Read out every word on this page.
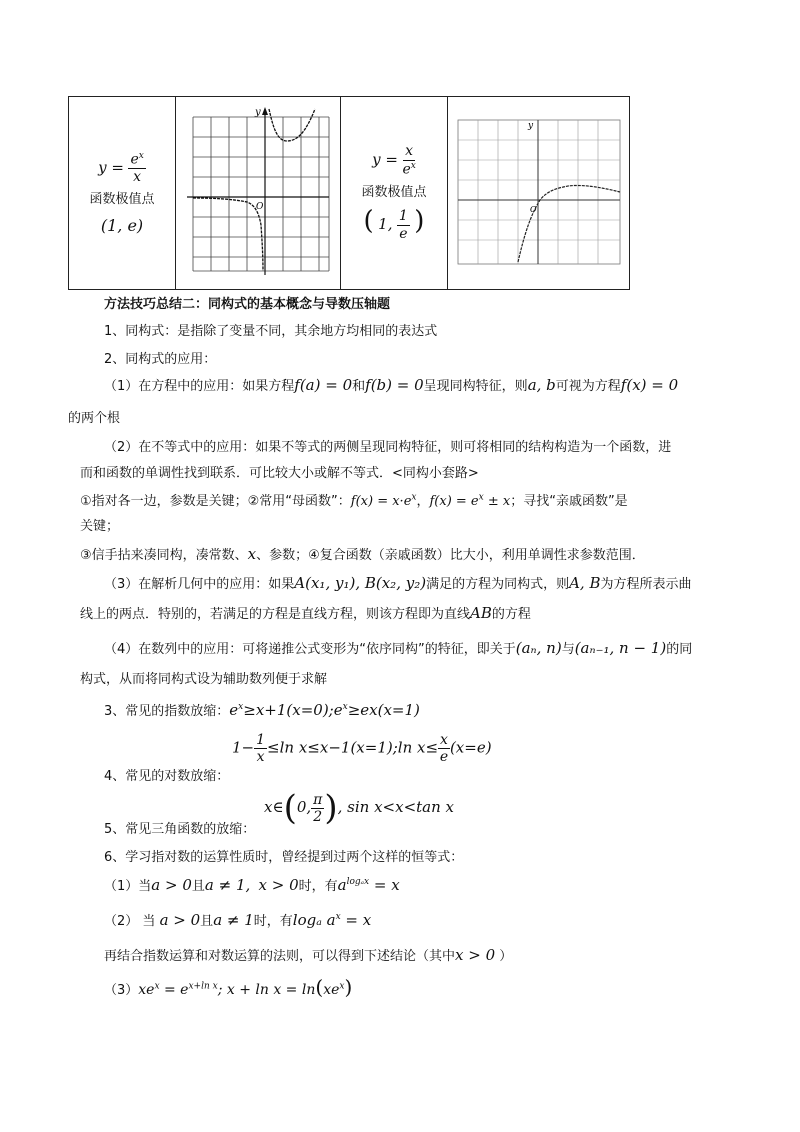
$y = \frac{e^x}{x}$
函数极值点
(1, e)

y
O

$y = \frac{x}{e^x}$
函数极值点
( 1, $\frac{1}{e}$ )

y
O
方法技巧总结二：同构式的基本概念与导数压轴题
1、同构式：是指除了变量不同，其余地方均相同的表达式
2、同构式的应用：
（1）在方程中的应用：如果方程f(a) = 0和f(b) = 0呈现同构特征，则a, b可视为方程f(x) = 0
的两个根
（2）在不等式中的应用：如果不等式的两侧呈现同构特征，则可将相同的结构构造为一个函数，进
而和函数的单调性找到联系．可比较大小或解不等式．<同构小套路>
①指对各一边，参数是关键；②常用“母函数”：$f(x) = x\cdot e^x$，$f(x) = e^x \pm x$；寻找“亲戚函数”是
关键；
③信手拈来凑同构，凑常数、x、参数；④复合函数（亲戚函数）比大小，利用单调性求参数范围．
（3）在解析几何中的应用：如果A(x₁, y₁), B(x₂, y₂)满足的方程为同构式，则A, B为方程所表示曲
线上的两点．特别的，若满足的方程是直线方程，则该方程即为直线AB的方程
（4）在数列中的应用：可将递推公式变形为“依序同构”的特征，即关于(aₙ, n)与(aₙ₋₁, n − 1)的同
构式，从而将同构式设为辅助数列便于求解
3、常见的指数放缩：$e^x\ge x+1(x=0);e^x\ge ex(x=1)$
$1- \frac{1}{x} \le\ln$ x≤x−1(x=1);ln $x\le \frac{x}{e} (x=e)$
4、常见的对数放缩：
x∈(0, $\frac{\pi}{2}$ ), sin x<x<tan x
5、常见三角函数的放缩：
6、学习指对数的运算性质时，曾经提到过两个这样的恒等式：
（1）当a > 0且a ≠ 1, x > 0时，有$a^{log_ax} = x$
（2） 当 a > 0且a ≠ 1时，有logₐ $a^x = x$
再结合指数运算和对数运算的法则，可以得到下述结论（其中x > 0 ）
$(3)xe^x = e^{x+ln x}$; $x + \ln x = \ln(xe^x)$
